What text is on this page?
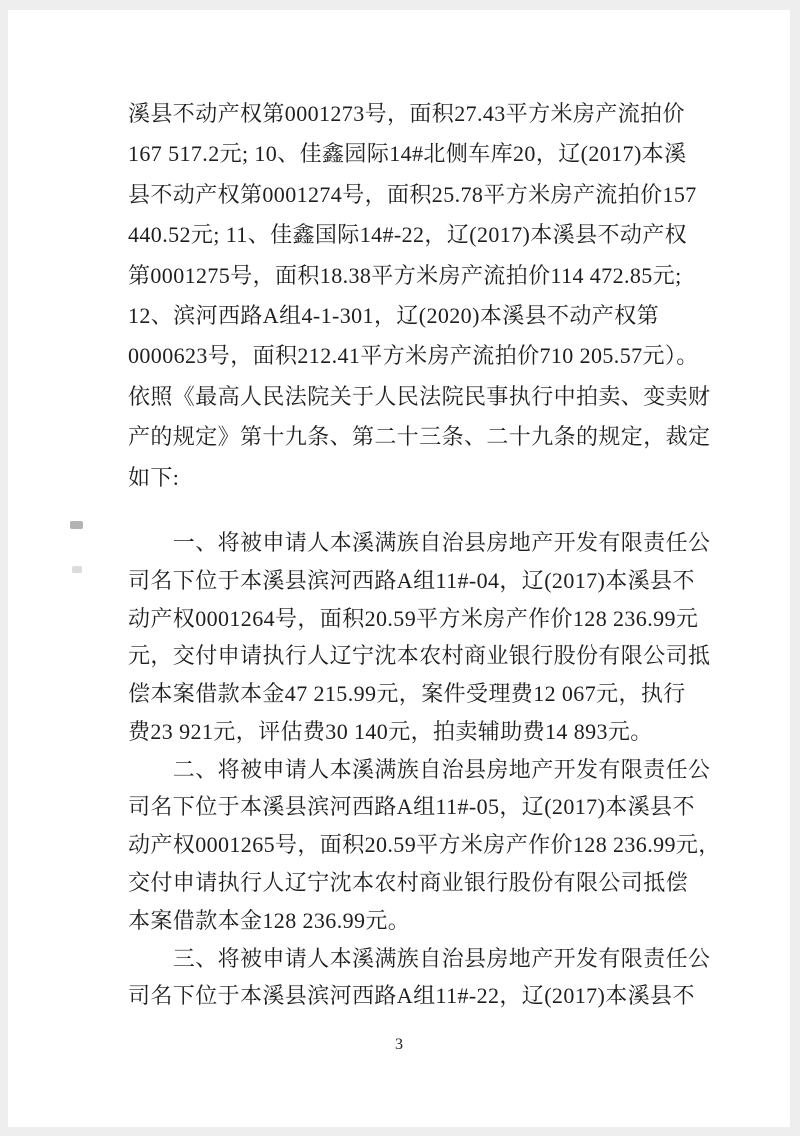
溪县不动产权第0001273号，面积27.43平方米房产流拍价
167 517.2元; 10、佳鑫园际14#北侧车库20，辽(2017)本溪
县不动产权第0001274号，面积25.78平方米房产流拍价157
440.52元; 11、佳鑫国际14#-22，辽(2017)本溪县不动产权
第0001275号，面积18.38平方米房产流拍价114 472.85元;
12、滨河西路A组4-1-301，辽(2020)本溪县不动产权第
0000623号，面积212.41平方米房产流拍价710 205.57元）。
依照《最高人民法院关于人民法院民事执行中拍卖、变卖财
产的规定》第十九条、第二十三条、二十九条的规定，裁定
如下:
　　一、将被申请人本溪满族自治县房地产开发有限责任公
司名下位于本溪县滨河西路A组11#-04，辽(2017)本溪县不
动产权0001264号，面积20.59平方米房产作价128 236.99元
元，交付申请执行人辽宁沈本农村商业银行股份有限公司抵
偿本案借款本金47 215.99元，案件受理费12 067元，执行
费23 921元，评估费30 140元，拍卖辅助费14 893元。
　　二、将被申请人本溪满族自治县房地产开发有限责任公
司名下位于本溪县滨河西路A组11#-05，辽(2017)本溪县不
动产权0001265号，面积20.59平方米房产作价128 236.99元，
交付申请执行人辽宁沈本农村商业银行股份有限公司抵偿
本案借款本金128 236.99元。
　　三、将被申请人本溪满族自治县房地产开发有限责任公
司名下位于本溪县滨河西路A组11#-22，辽(2017)本溪县不
3
